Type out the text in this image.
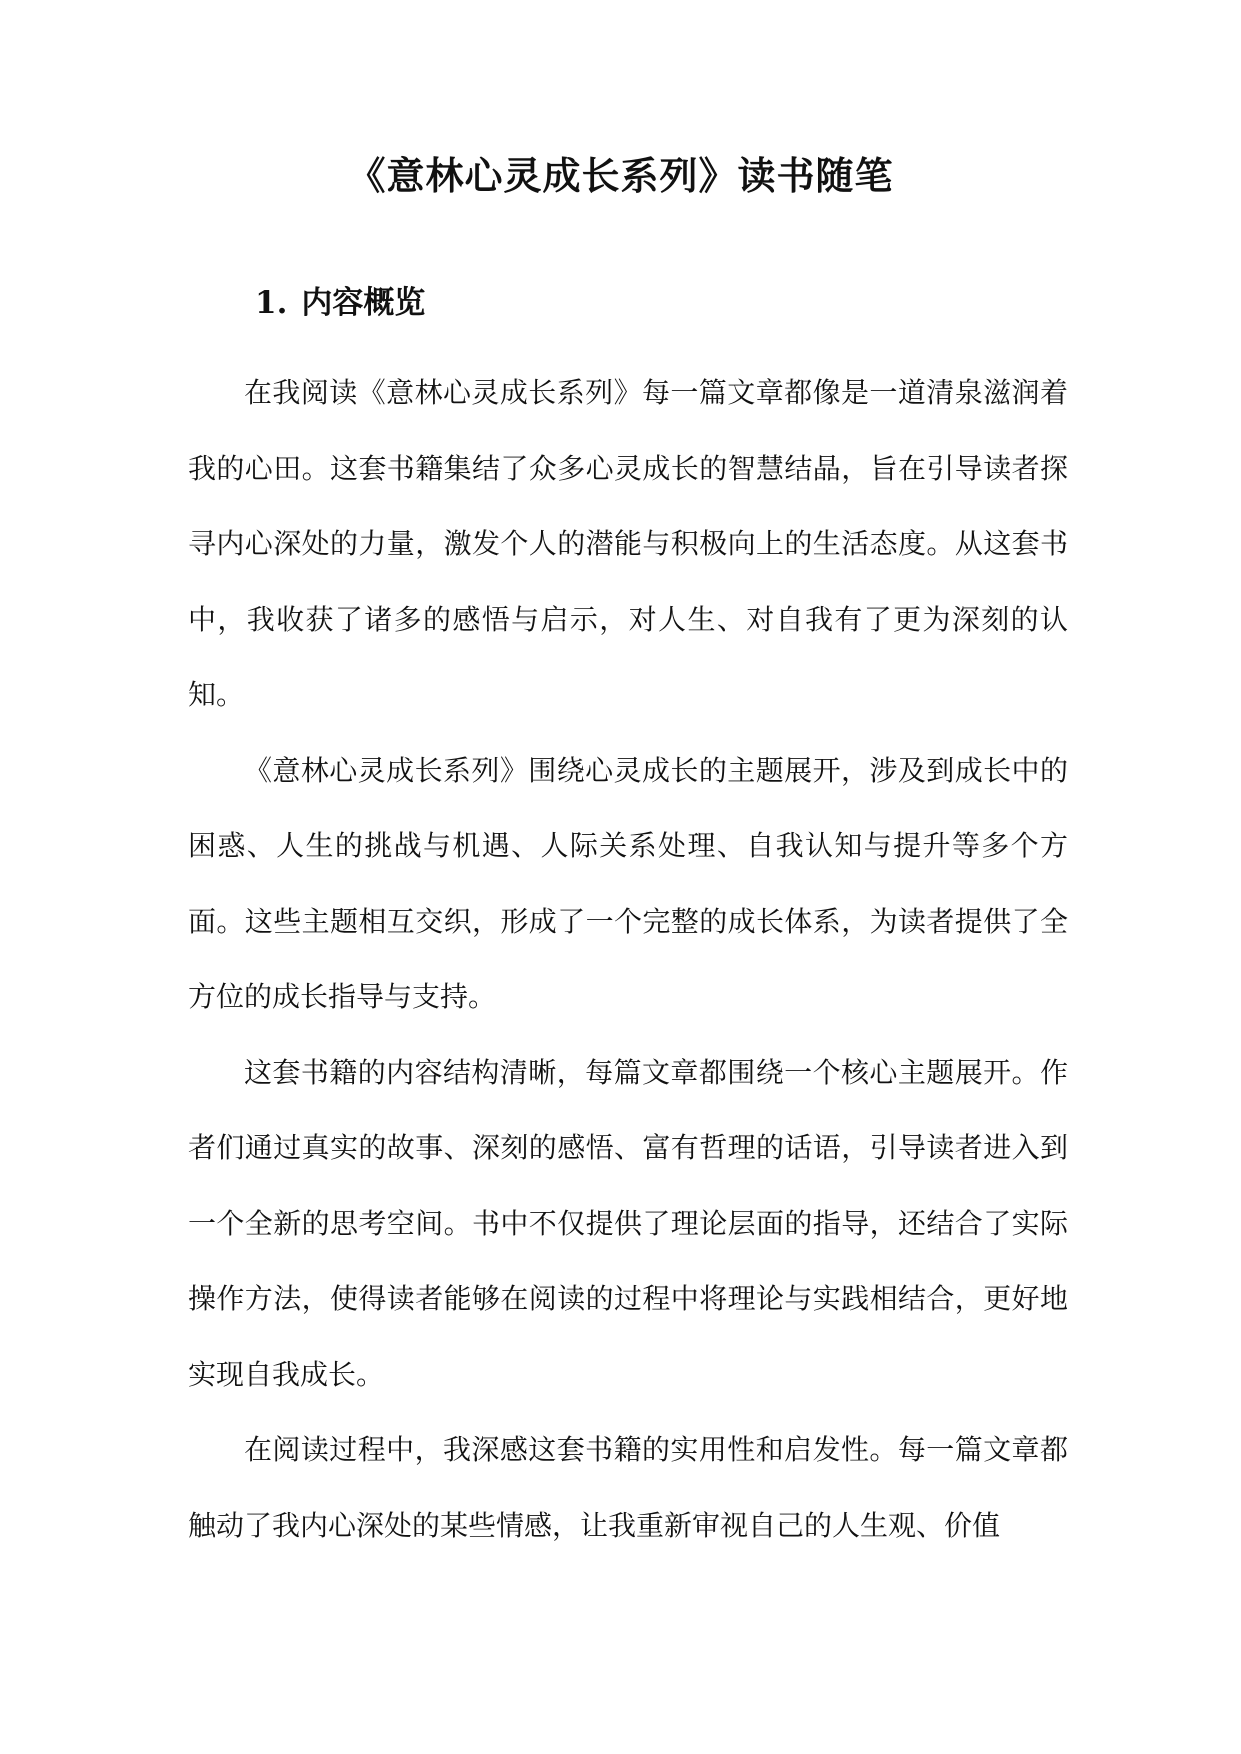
《意林心灵成长系列》读书随笔
1. 内容概览

在我阅读《意林心灵成长系列》每一篇文章都像是一道清泉滋润着我的心田。这套书籍集结了众多心灵成长的智慧结晶，旨在引导读者探寻内心深处的力量，激发个人的潜能与积极向上的生活态度。从这套书中，我收获了诸多的感悟与启示，对人生、对自我有了更为深刻的认知。

《意林心灵成长系列》围绕心灵成长的主题展开，涉及到成长中的困惑、人生的挑战与机遇、人际关系处理、自我认知与提升等多个方面。这些主题相互交织，形成了一个完整的成长体系，为读者提供了全方位的成长指导与支持。

这套书籍的内容结构清晰，每篇文章都围绕一个核心主题展开。作者们通过真实的故事、深刻的感悟、富有哲理的话语，引导读者进入到一个全新的思考空间。书中不仅提供了理论层面的指导，还结合了实际操作方法，使得读者能够在阅读的过程中将理论与实践相结合，更好地实现自我成长。

在阅读过程中，我深感这套书籍的实用性和启发性。每一篇文章都触动了我内心深处的某些情感，让我重新审视自己的人生观、价值
